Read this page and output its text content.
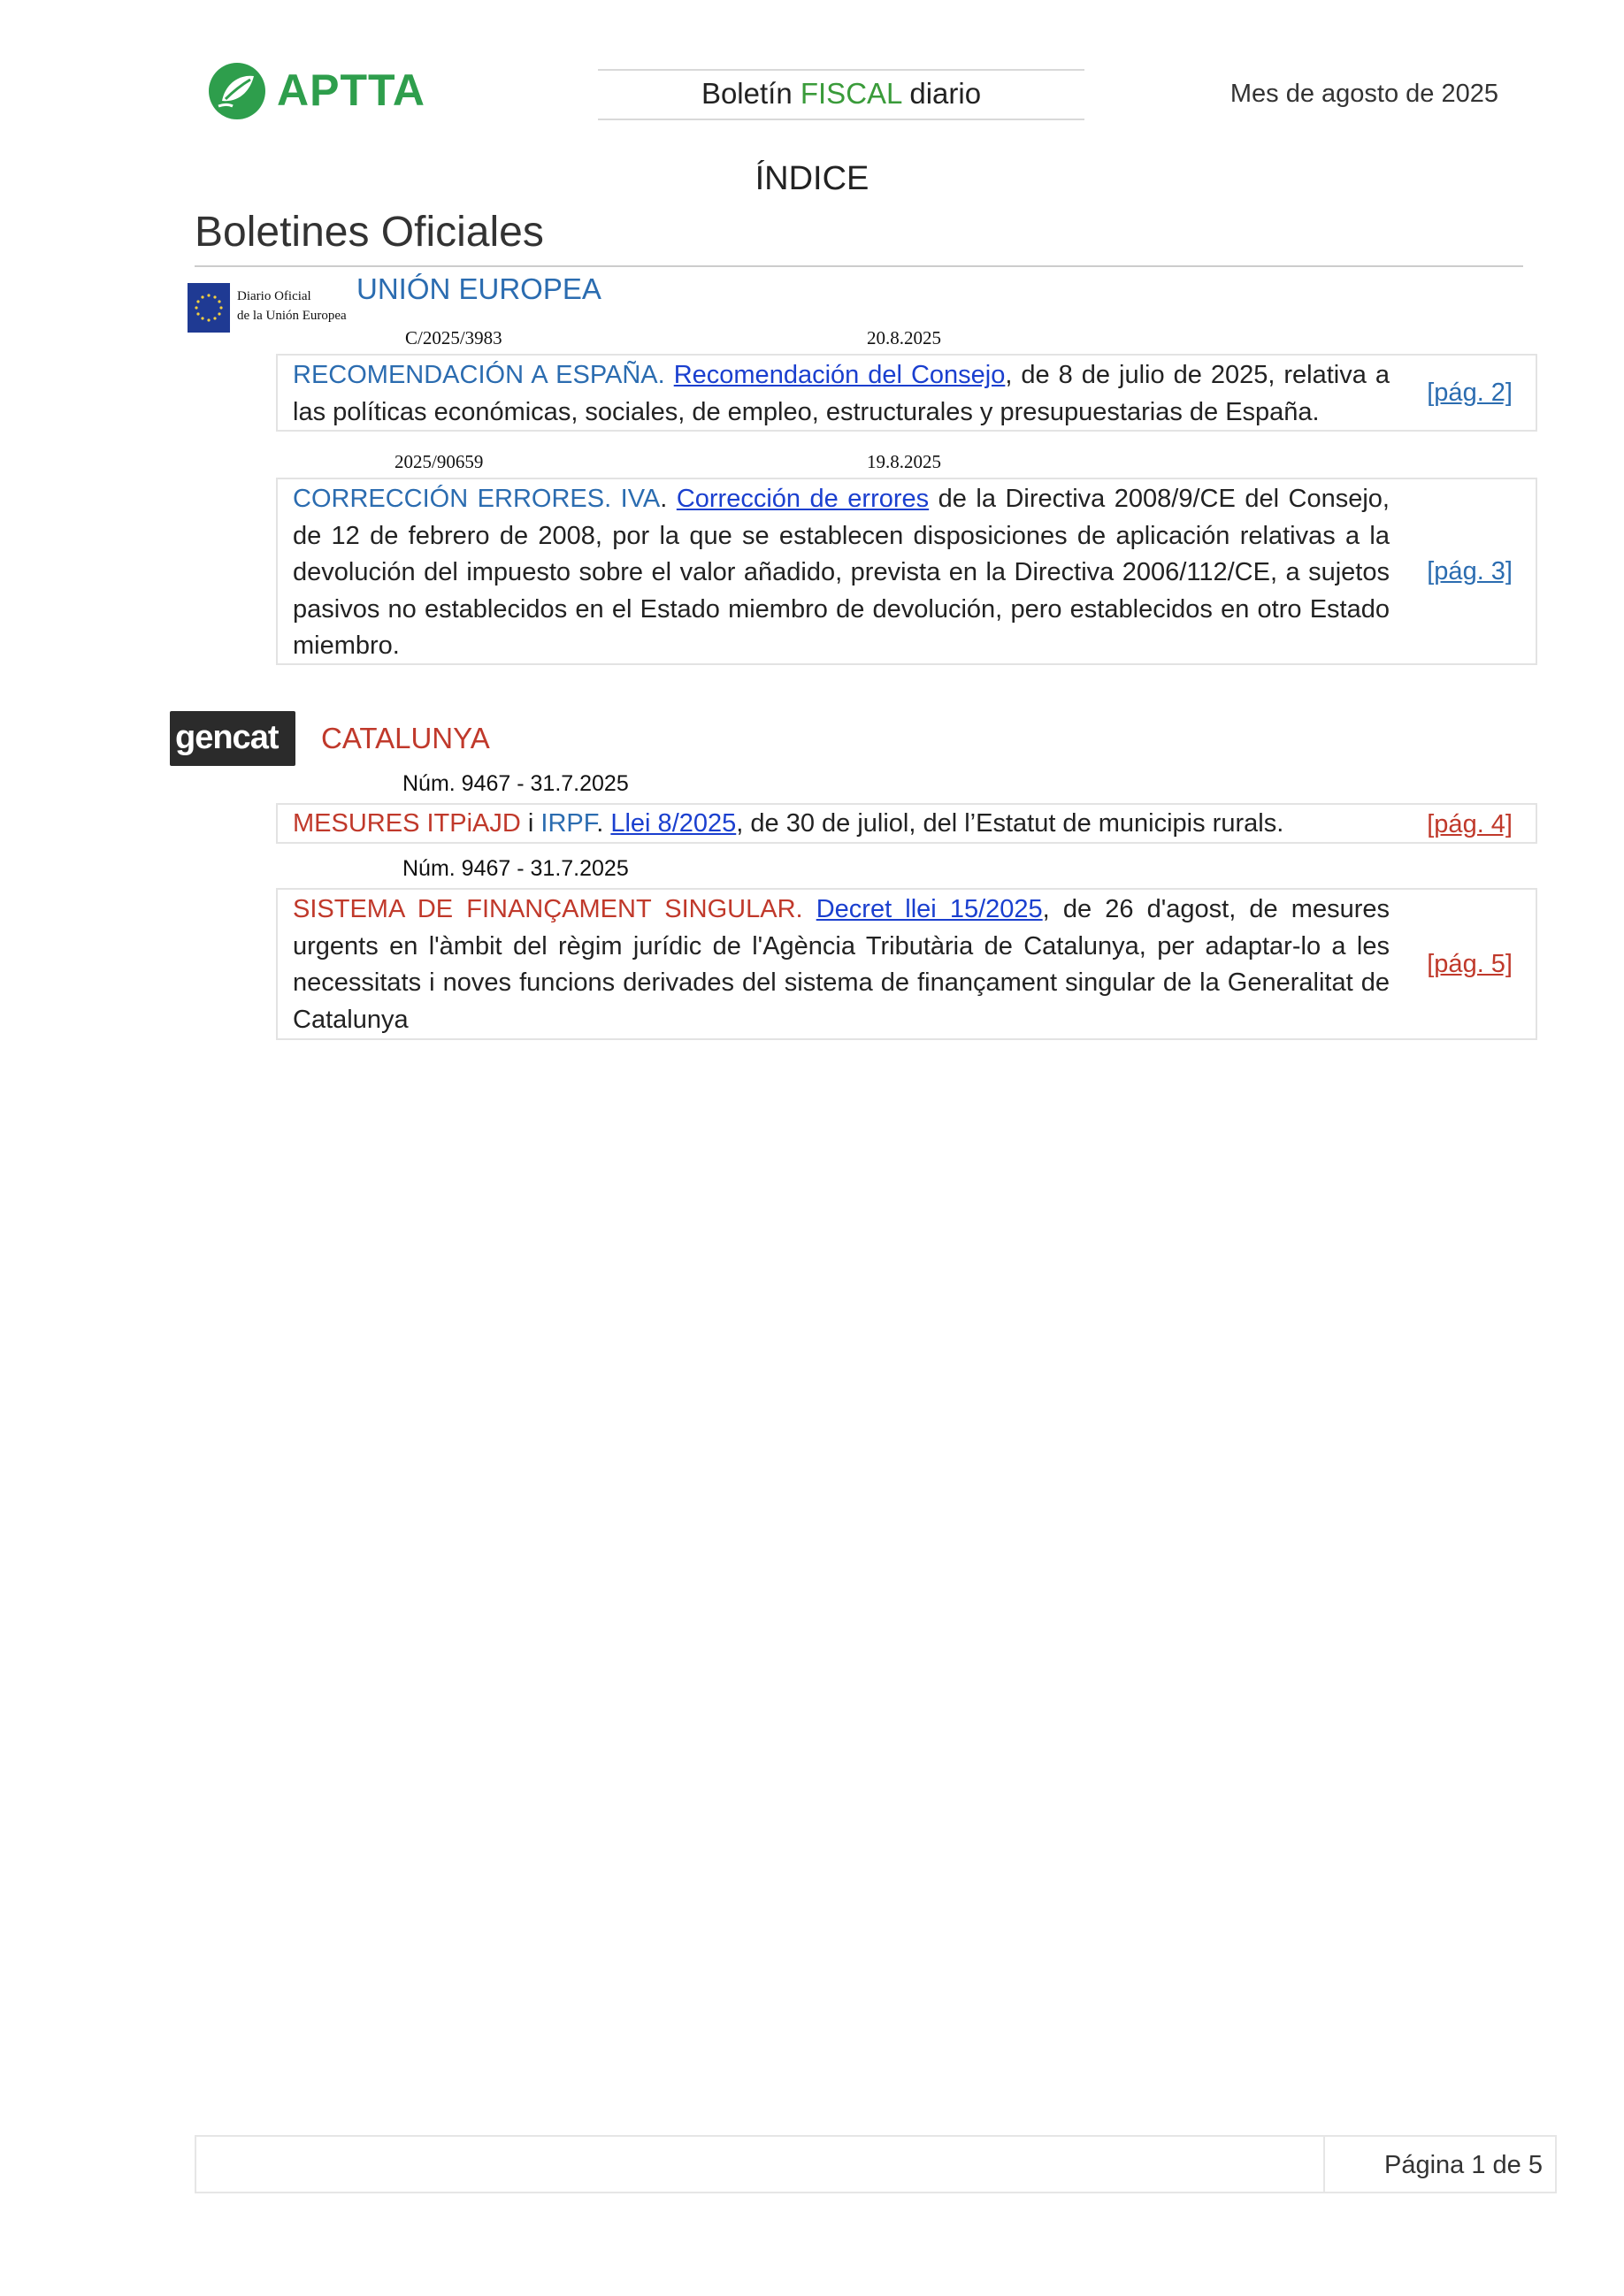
APTTA	Boletín FISCAL diario	Mes de agosto de 2025
ÍNDICE
Boletines Oficiales
Diario Oficial
de la Unión Europea
UNIÓN EUROPEA
C/2025/3983	20.8.2025
RECOMENDACIÓN A ESPAÑA. Recomendación del Consejo, de 8 de julio de 2025, relativa a las políticas económicas, sociales, de empleo, estructurales y presupuestarias de España.
[pág. 2]
2025/90659	19.8.2025
CORRECCIÓN ERRORES. IVA. Corrección de errores de la Directiva 2008/9/CE del Consejo, de 12 de febrero de 2008, por la que se establecen disposiciones de aplicación relativas a la devolución del impuesto sobre el valor añadido, prevista en la Directiva 2006/112/CE, a sujetos pasivos no establecidos en el Estado miembro de devolución, pero establecidos en otro Estado miembro.
[pág. 3]
gencat CATALUNYA
Núm. 9467 - 31.7.2025
MESURES ITPiAJD i IRPF. Llei 8/2025, de 30 de juliol, del l’Estatut de municipis rurals.	[pág. 4]
Núm. 9467 - 31.7.2025
SISTEMA DE FINANÇAMENT SINGULAR. Decret llei 15/2025, de 26 d'agost, de mesures urgents en l'àmbit del règim jurídic de l'Agència Tributària de Catalunya, per adaptar-lo a les necessitats i noves funcions derivades del sistema de finançament singular de la Generalitat de Catalunya
[pág. 5]
Página 1 de 5
